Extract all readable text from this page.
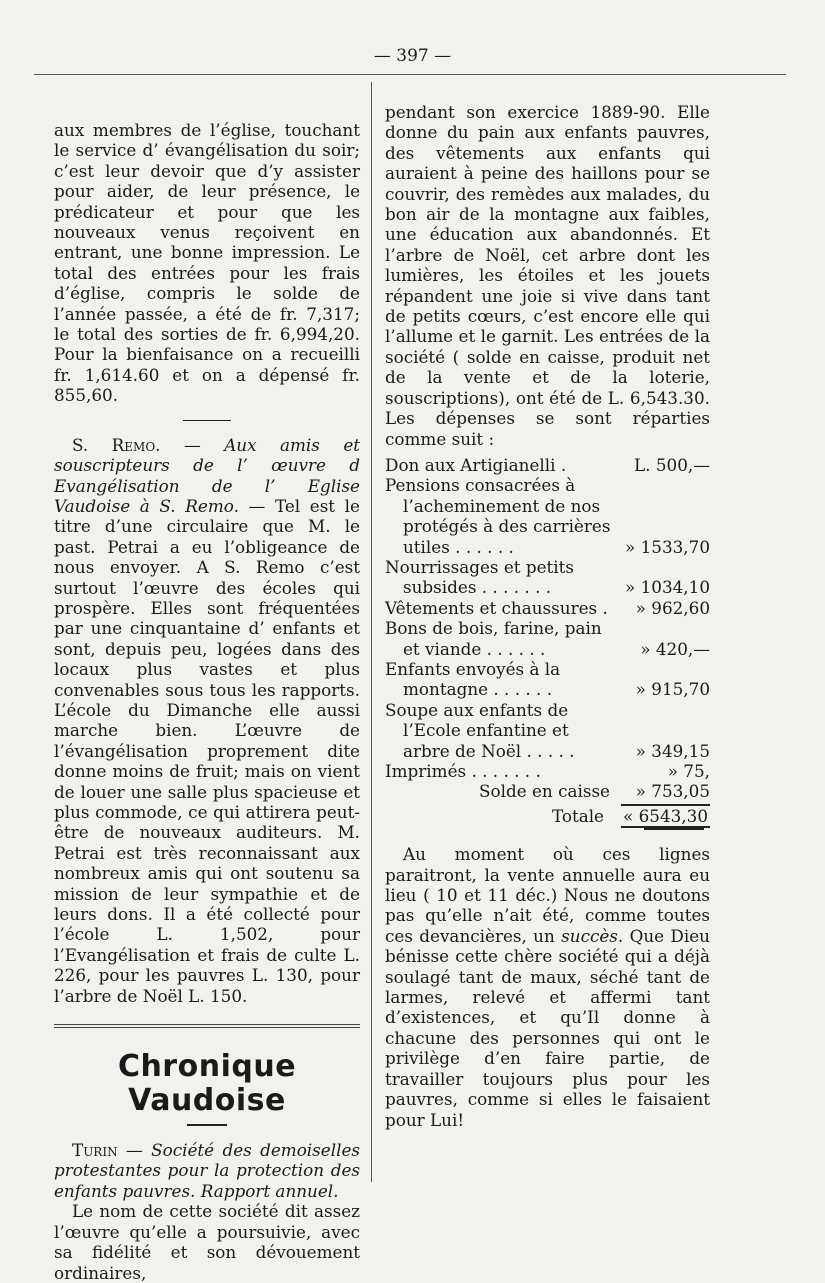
— 397 —

aux membres de l’église, touchant le service d’ évangélisation du soir; c’est leur devoir que d’y assister pour aider, de leur présence, le prédicateur et pour que les nouveaux venus reçoivent en entrant, une bonne impression. Le total des entrées pour les frais d’église, compris le solde de l’année passée, a été de fr. 7,317; le total des sorties de fr. 6,994,20. Pour la bienfaisance on a recueilli fr. 1,614.60 et on a dépensé fr. 855,60.

S. Remo. — Aux amis et souscripteurs de l’ œuvre d Evangélisation de l’ Eglise Vaudoise à S. Remo. — Tel est le titre d’une circulaire que M. le past. Petrai a eu l’obligeance de nous envoyer. A S. Remo c’est surtout l’œuvre des écoles qui prospère. Elles sont fréquentées par une cinquantaine d’ enfants et sont, depuis peu, logées dans des locaux plus vastes et plus convenables sous tous les rapports. L’école du Dimanche elle aussi marche bien. L’œuvre de l’évangélisation proprement dite donne moins de fruit; mais on vient de louer une salle plus spacieuse et plus commode, ce qui attirera peut-être de nouveaux auditeurs. M. Petrai est très reconnaissant aux nombreux amis qui ont soutenu sa mission de leur sympathie et de leurs dons. Il a été collecté pour l’école L. 1,502, pour l’Evangélisation et frais de culte L. 226, pour les pauvres L. 130, pour l’arbre de Noël L. 150.

Chronique Vaudoise

Turin — Société des demoiselles protestantes pour la protection des enfants pauvres. Rapport annuel.

Le nom de cette société dit assez l’œuvre qu’elle a poursuivie, avec sa fidélité et son dévouement ordinaires,

pendant son exercice 1889-90. Elle donne du pain aux enfants pauvres, des vêtements aux enfants qui auraient à peine des haillons pour se couvrir, des remèdes aux malades, du bon air de la montagne aux faibles, une éducation aux abandonnés. Et l’arbre de Noël, cet arbre dont les lumières, les étoiles et les jouets répandent une joie si vive dans tant de petits cœurs, c’est encore elle qui l’allume et le garnit. Les entrées de la société ( solde en caisse, produit net de la vente et de la loterie, souscriptions), ont été de L. 6,543.30. Les dépenses se sont réparties comme suit :

Don aux Artigianelli .	L. 500,—
Pensions consacrées à l’acheminement de nos protégés à des carrières utiles . . . . . .	» 1533,70
Nourrissages et petits subsides . . . . . . .	» 1034,10
Vêtements et chaussures .	» 962,60
Bons de bois, farine, pain et viande . . . . . .	» 420,—
Enfants envoyés à la montagne . . . . . .	» 915,70
Soupe aux enfants de l’Ecole enfantine et arbre de Noël . . . . .	» 349,15
Imprimés . . . . . . .	» 75,
Solde en caisse	» 753,05
Totale	« 6543,30

Au moment où ces lignes paraitront, la vente annuelle aura eu lieu ( 10 et 11 déc.) Nous ne doutons pas qu’elle n’ait été, comme toutes ces devancières, un succès. Que Dieu bénisse cette chère société qui a déjà soulagé tant de maux, séché tant de larmes, relevé et affermi tant d’existences, et qu’Il donne à chacune des personnes qui ont le privilège d’en faire partie, de travailler toujours plus pour les pauvres, comme si elles le faisaient pour Lui!
